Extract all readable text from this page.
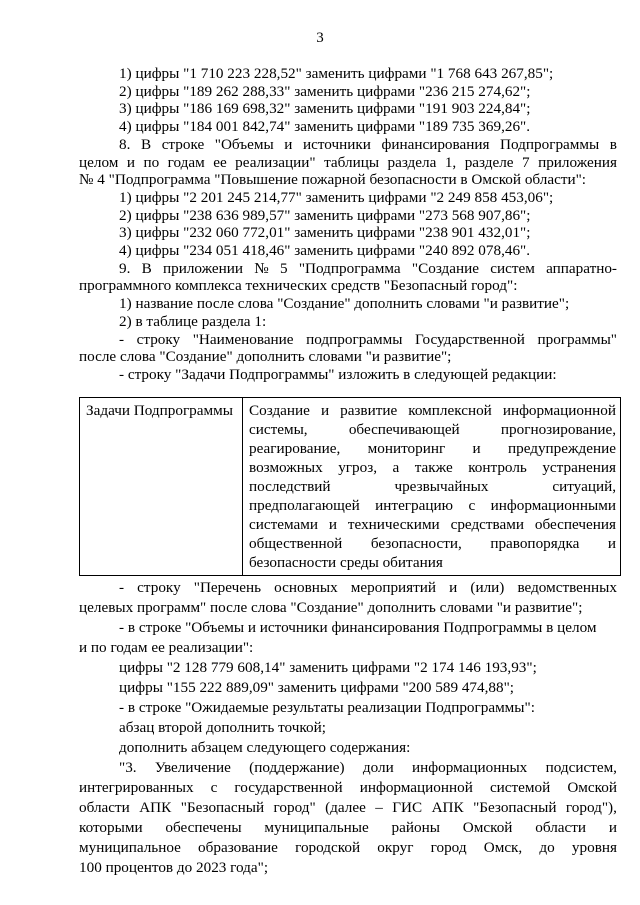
3
1) цифры "1 710 223 228,52" заменить цифрами "1 768 643 267,85";
2) цифры "189 262 288,33" заменить цифрами "236 215 274,62";
3) цифры "186 169 698,32" заменить цифрами "191 903 224,84";
4) цифры "184 001 842,74" заменить цифрами "189 735 369,26".
8. В строке "Объемы и источники финансирования Подпрограммы в
целом и по годам ее реализации" таблицы раздела 1, разделе 7 приложения
№ 4 "Подпрограмма "Повышение пожарной безопасности в Омской области":
1) цифры "2 201 245 214,77" заменить цифрами "2 249 858 453,06";
2) цифры "238 636 989,57" заменить цифрами "273 568 907,86";
3) цифры "232 060 772,01" заменить цифрами "238 901 432,01";
4) цифры "234 051 418,46" заменить цифрами "240 892 078,46".
9. В приложении № 5 "Подпрограмма "Создание систем аппаратно-
программного комплекса технических средств "Безопасный город":
1) название после слова "Создание" дополнить словами "и развитие";
2) в таблице раздела 1:
- строку "Наименование подпрограммы Государственной программы"
после слова "Создание" дополнить словами "и развитие";
- строку "Задачи Подпрограммы" изложить в следующей редакции:
Задачи Подпрограммы	Создание и развитие комплексной информационной
системы,	обеспечивающей	прогнозирование,
реагирование, мониторинг и предупреждение
возможных угроз, а также контроль устранения
последствий	чрезвычайных	ситуаций,
предполагающей интеграцию с информационными
системами и техническими средствами обеспечения
общественной безопасности, правопорядка и
безопасности среды обитания
- строку "Перечень основных мероприятий и (или) ведомственных
целевых программ" после слова "Создание" дополнить словами "и развитие";
- в строке "Объемы и источники финансирования Подпрограммы в целом
и по годам ее реализации":
цифры "2 128 779 608,14" заменить цифрами "2 174 146 193,93";
цифры "155 222 889,09" заменить цифрами "200 589 474,88";
- в строке "Ожидаемые результаты реализации Подпрограммы":
абзац второй дополнить точкой;
дополнить абзацем следующего содержания:
"3. Увеличение (поддержание) доли информационных подсистем,
интегрированных с государственной информационной системой Омской
области АПК "Безопасный город" (далее – ГИС АПК "Безопасный город"),
которыми обеспечены муниципальные районы Омской области и
муниципальное образование городской округ город Омск, до уровня
100 процентов до 2023 года";
